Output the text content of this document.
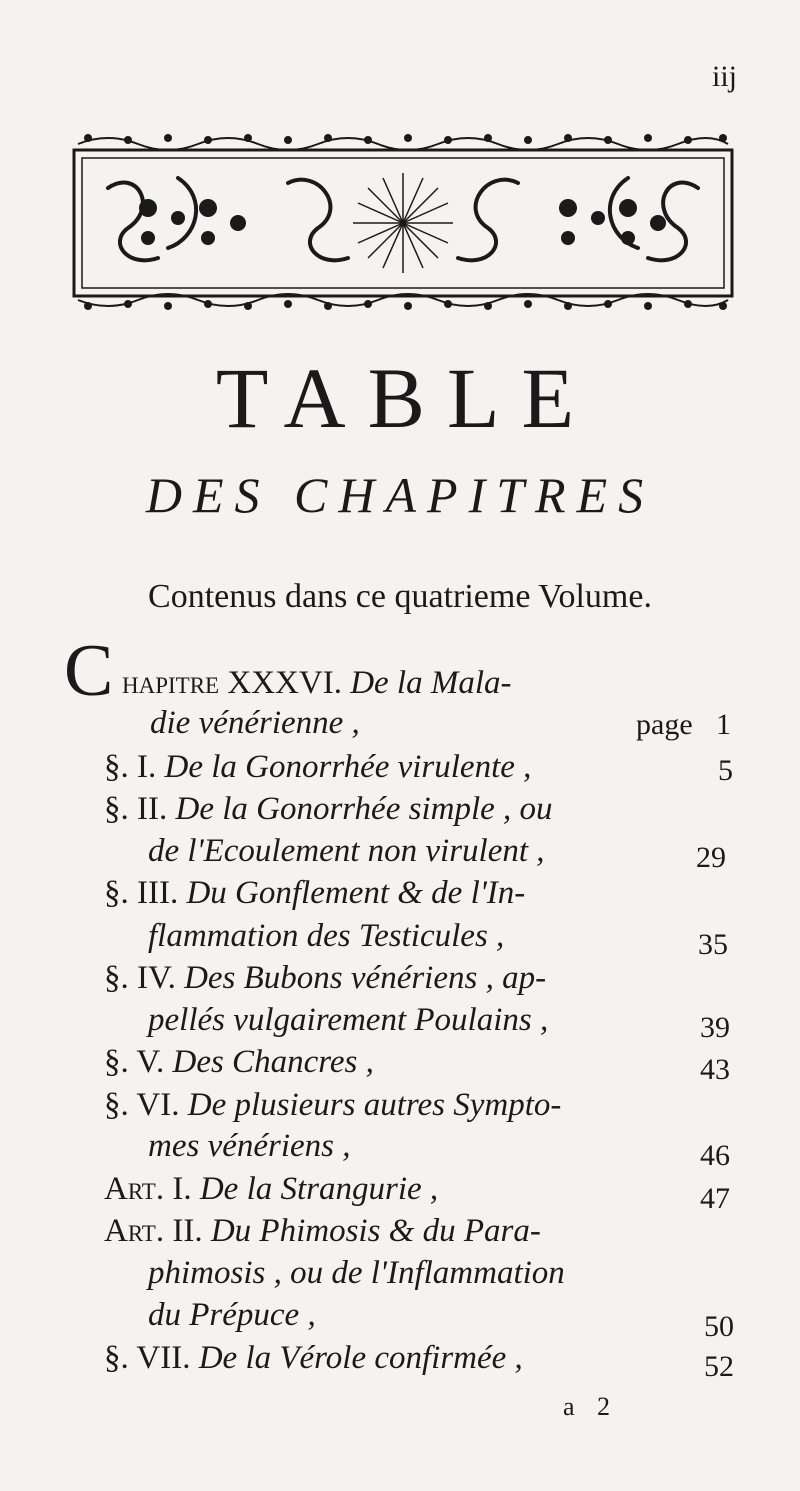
iij
TABLE
DES CHAPITRES
Contenus dans ce quatrieme Volume.
C hapitre XXXVI. De la Mala-
die vénérienne ,	page 1
§. I. De la Gonorrhée virulente ,	5
§. II. De la Gonorrhée simple , ou
de l'Ecoulement non virulent ,	29
§. III. Du Gonflement & de l'In-
flammation des Testicules ,	35
§. IV. Des Bubons vénériens , ap-
pellés vulgairement Poulains ,	39
§. V. Des Chancres ,	43
§. VI. De plusieurs autres Sympto-
mes vénériens ,	46
Art. I. De la Strangurie ,	47
Art. II. Du Phimosis & du Para-
phimosis , ou de l'Inflammation
du Prépuce ,	50
§. VII. De la Vérole confirmée ,	52
a 2
